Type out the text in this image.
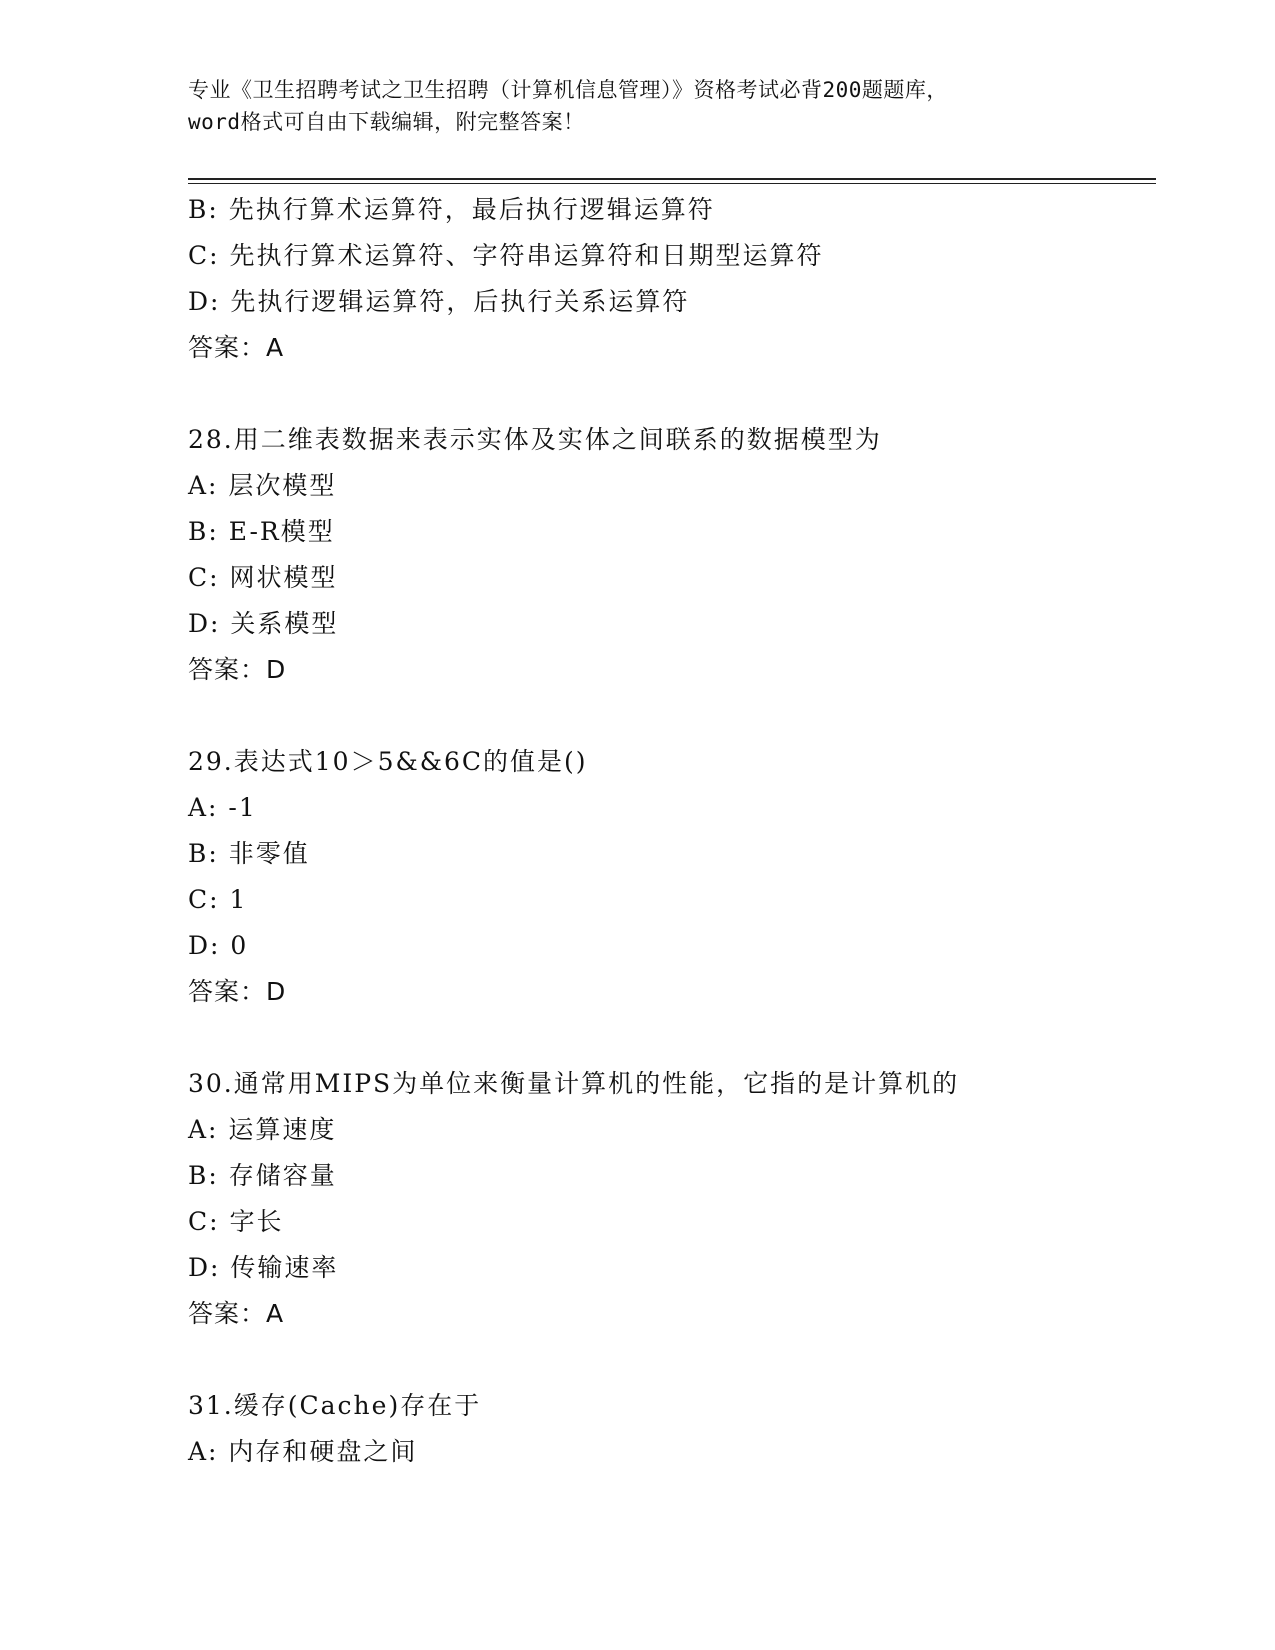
专业《卫生招聘考试之卫生招聘（计算机信息管理）》资格考试必背200题题库，
word格式可自由下载编辑，附完整答案！
B: 先执行算术运算符，最后执行逻辑运算符
C: 先执行算术运算符、字符串运算符和日期型运算符
D: 先执行逻辑运算符，后执行关系运算符
答案：A
28.用二维表数据来表示实体及实体之间联系的数据模型为
A: 层次模型
B: E-R模型
C: 网状模型
D: 关系模型
答案：D
29.表达式10＞5&&6C的值是()
A: -1
B: 非零值
C: 1
D: 0
答案：D
30.通常用MIPS为单位来衡量计算机的性能，它指的是计算机的
A: 运算速度
B: 存储容量
C: 字长
D: 传输速率
答案：A
31.缓存(Cache)存在于
A: 内存和硬盘之间
